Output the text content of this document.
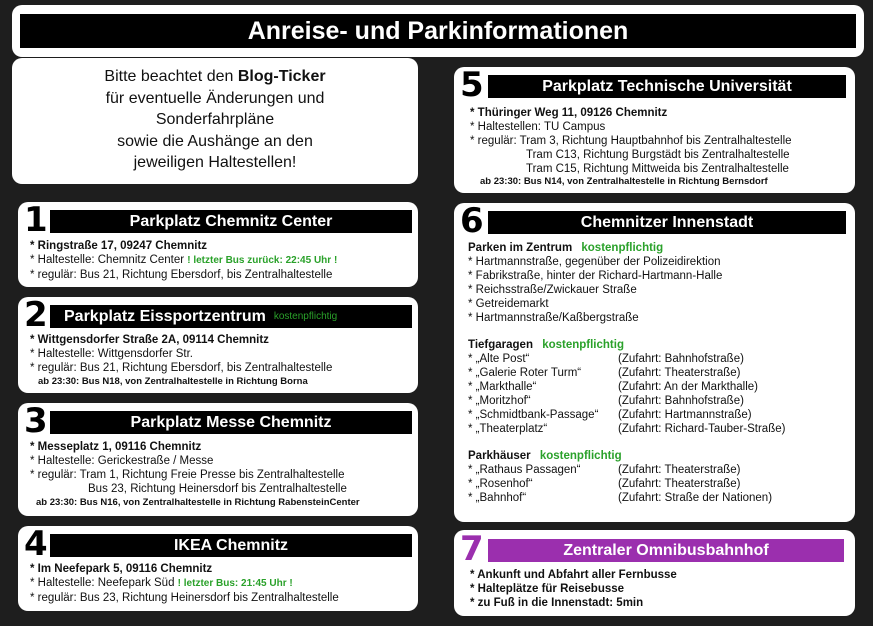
Anreise- und Parkinformationen
Bitte beachtet den Blog-Ticker
für eventuelle Änderungen und
Sonderfahrpläne
sowie die Aushänge an den
jeweiligen Haltestellen!
1	Parkplatz Chemnitz Center
* Ringstraße 17, 09247 Chemnitz
* Haltestelle: Chemnitz Center ! letzter Bus zurück: 22:45 Uhr !
* regulär: Bus 21, Richtung Ebersdorf, bis Zentralhaltestelle
2 Parkplatz Eissportzentrum kostenpflichtig
* Wittgensdorfer Straße 2A, 09114 Chemnitz
* Haltestelle: Wittgensdorfer Str.
* regulär: Bus 21, Richtung Ebersdorf, bis Zentralhaltestelle
ab 23:30: Bus N18, von Zentralhaltestelle in Richtung Borna
3	Parkplatz Messe Chemnitz
* Messeplatz 1, 09116 Chemnitz
* Haltestelle: Gerickestraße / Messe
* regulär: Tram 1, Richtung Freie Presse bis Zentralhaltestelle
Bus 23, Richtung Heinersdorf bis Zentralhaltestelle
ab 23:30: Bus N16, von Zentralhaltestelle in Richtung RabensteinCenter
4	IKEA Chemnitz
* Im Neefepark 5, 09116 Chemnitz
* Haltestelle: Neefepark Süd ! letzter Bus: 21:45 Uhr !
* regulär: Bus 23, Richtung Heinersdorf bis Zentralhaltestelle
5	Parkplatz Technische Universität
* Thüringer Weg 11, 09126 Chemnitz
* Haltestellen: TU Campus
* regulär: Tram 3, Richtung Hauptbahnhof bis Zentralhaltestelle
Tram C13, Richtung Burgstädt bis Zentralhaltestelle
Tram C15, Richtung Mittweida bis Zentralhaltestelle
ab 23:30: Bus N14, von Zentralhaltestelle in Richtung Bernsdorf
6	Chemnitzer Innenstadt
Parken im Zentrum kostenpflichtig
* Hartmannstraße, gegenüber der Polizeidirektion
* Fabrikstraße, hinter der Richard-Hartmann-Halle
* Reichsstraße/Zwickauer Straße
* Getreidemarkt
* Hartmannstraße/Kaßbergstraße
Tiefgaragen kostenpflichtig
* „Alte Post“	(Zufahrt: Bahnhofstraße)
* „Galerie Roter Turm“	(Zufahrt: Theaterstraße)
* „Markthalle“	(Zufahrt: An der Markthalle)
* „Moritzhof“	(Zufahrt: Bahnhofstraße)
* „Schmidtbank-Passage“	(Zufahrt: Hartmannstraße)
* „Theaterplatz“	(Zufahrt: Richard-Tauber-Straße)
Parkhäuser kostenpflichtig
* „Rathaus Passagen“	(Zufahrt: Theaterstraße)
* „Rosenhof“	(Zufahrt: Theaterstraße)
* „Bahnhof“	(Zufahrt: Straße der Nationen)
7	Zentraler Omnibusbahnhof
* Ankunft und Abfahrt aller Fernbusse
* Halteplätze für Reisebusse
* zu Fuß in die Innenstadt: 5min
